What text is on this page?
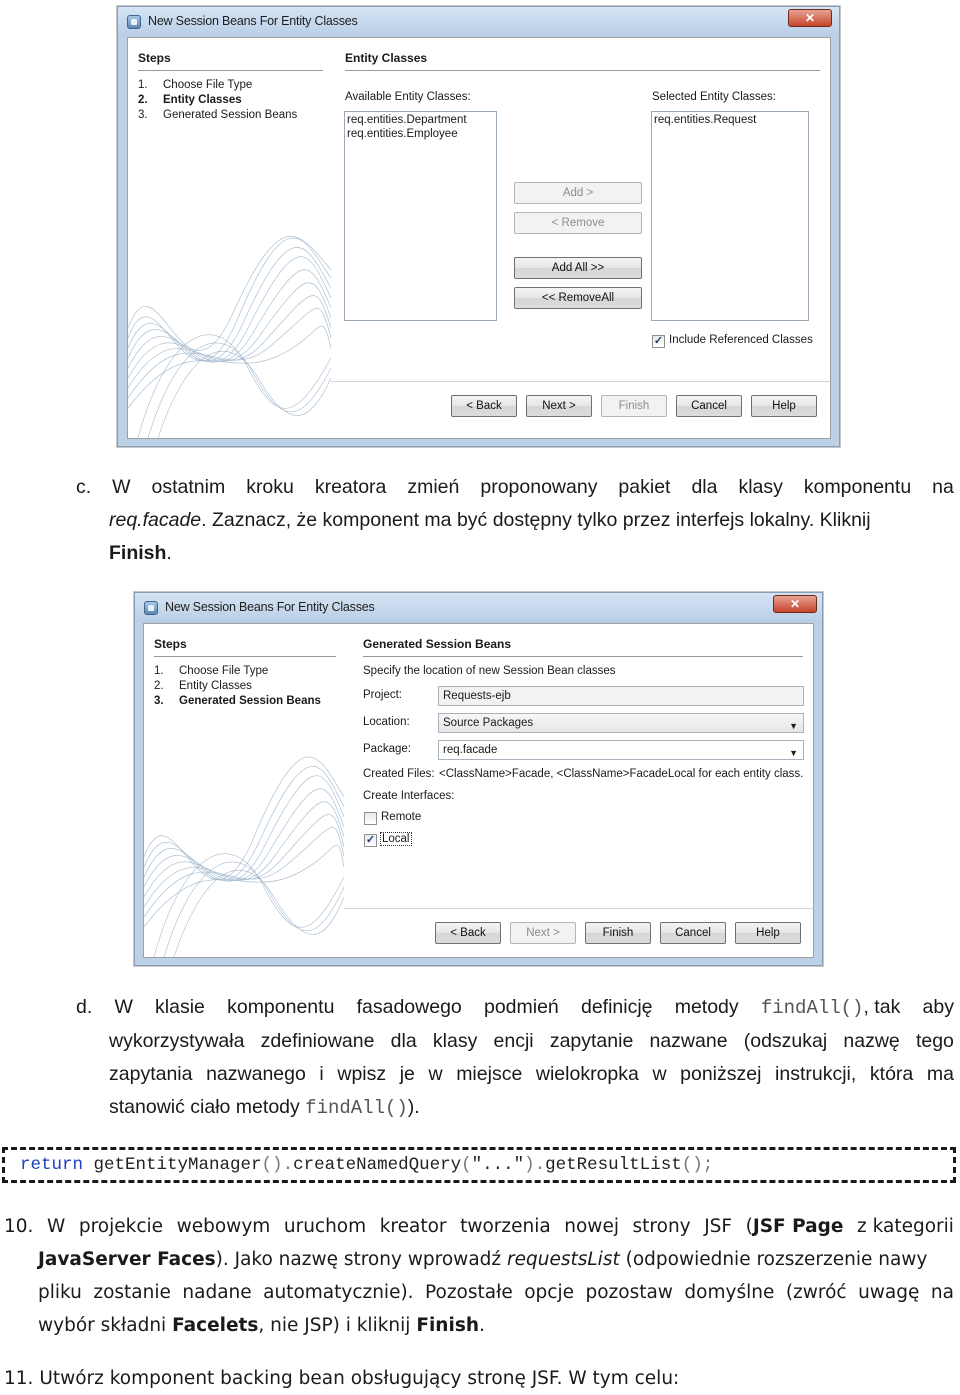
New Session Beans For Entity Classes	✕
Steps
1. Choose File Type
2. Entity Classes
3. Generated Session Beans
Entity Classes
Available Entity Classes:
req.entities.Department
req.entities.Employee
Selected Entity Classes:
req.entities.Request
Add >
< Remove
Add All >>
<< RemoveAll
✓ Include Referenced Classes
< Back	Next >	Finish	Cancel	Help
c. W ostatnim kroku kreatora zmień proponowany pakiet dla klasy komponentu na
req.facade. Zaznacz, że komponent ma być dostępny tylko przez interfejs lokalny. Kliknij
Finish.
New Session Beans For Entity Classes	✕
Steps
1. Choose File Type
2. Entity Classes
3. Generated Session Beans
Generated Session Beans
Specify the location of new Session Bean classes
Project:	Requests-ejb
Location:	Source Packages	▼
Package:	req.facade	▼
Created Files: <ClassName>Facade, <ClassName>FacadeLocal for each entity class.
Create Interfaces:
Remote
✓ Local
< Back	Next >	Finish	Cancel	Help
d. W klasie komponentu fasadowego podmień definicję metody findAll(), tak aby
wykorzystywała zdefiniowane dla klasy encji zapytanie nazwane (odszukaj nazwę tego
zapytania nazwanego i wpisz je w miejsce wielokropka w poniższej instrukcji, która ma
stanowić ciało metody findAll()).
return getEntityManager().createNamedQuery("...").getResultList();
10. W projekcie webowym uruchom kreator tworzenia nowej strony JSF (JSF Page z kategorii
JavaServer Faces). Jako nazwę strony wprowadź requestsList (odpowiednie rozszerzenie nawy
pliku zostanie nadane automatycznie). Pozostałe opcje pozostaw domyślne (zwróć uwagę na
wybór składni Facelets, nie JSP) i kliknij Finish.
11. Utwórz komponent backing bean obsługujący stronę JSF. W tym celu:
